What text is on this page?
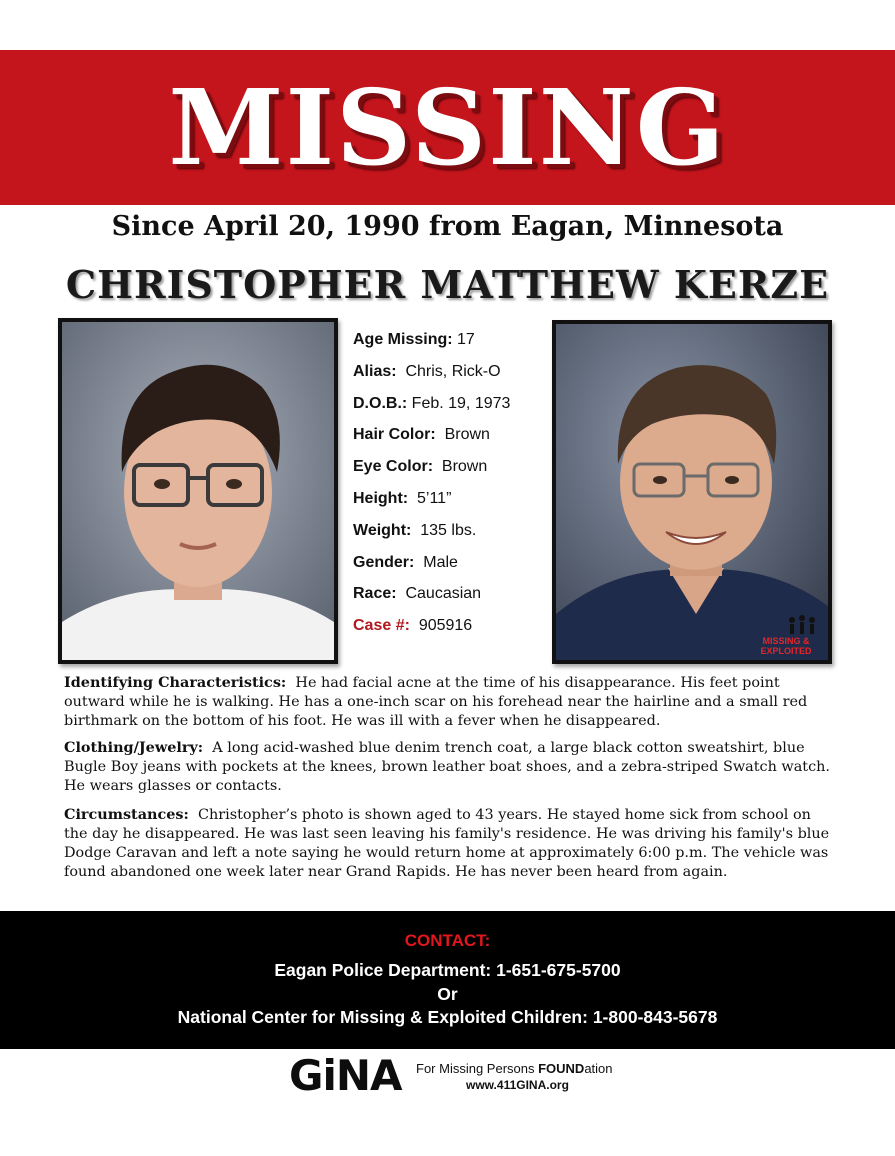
MISSING
Since April 20, 1990 from Eagan, Minnesota
CHRISTOPHER MATTHEW KERZE
Age Missing: 17
Alias: Chris, Rick-O
D.O.B.: Feb. 19, 1973
Hair Color: Brown
Eye Color: Brown
Height: 5’11”
Weight: 135 lbs.
Gender: Male
Race: Caucasian
Case #: 905916
MISSING &
EXPLOITED
Identifying Characteristics: He had facial acne at the time of his disappearance. His feet point outward while he is walking. He has a one-inch scar on his forehead near the hairline and a small red birthmark on the bottom of his foot. He was ill with a fever when he disappeared.
Clothing/Jewelry: A long acid-washed blue denim trench coat, a large black cotton sweatshirt, blue Bugle Boy jeans with pockets at the knees, brown leather boat shoes, and a zebra-striped Swatch watch. He wears glasses or contacts.
Circumstances: Christopher’s photo is shown aged to 43 years. He stayed home sick from school on the day he disappeared. He was last seen leaving his family's residence. He was driving his family's blue Dodge Caravan and left a note saying he would return home at approximately 6:00 p.m. The vehicle was found abandoned one week later near Grand Rapids. He has never been heard from again.
CONTACT:
Eagan Police Department: 1-651-675-5700
Or
National Center for Missing & Exploited Children: 1-800-843-5678
GiNA For Missing Persons FOUNDation
www.411GINA.org
